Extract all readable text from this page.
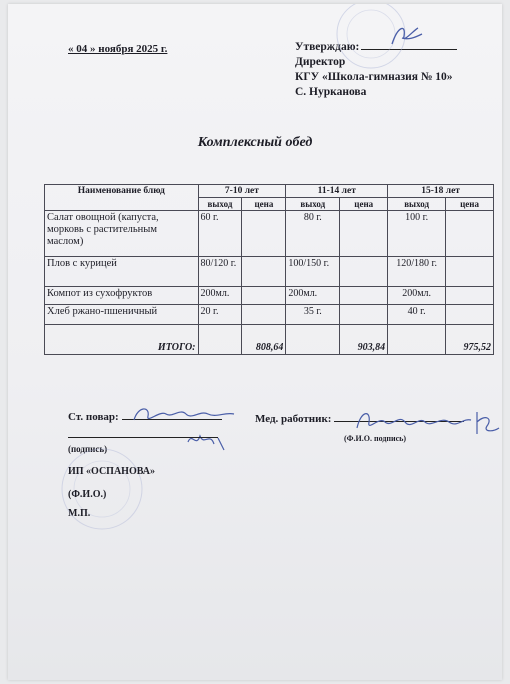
« 04 » ноября 2025 г.	Утверждаю:
Директор
КГУ «Школа-гимназия № 10»
С. Нурканова
Комплексный обед
Наименование блюд	7-10 лет		11-14 лет		15-18 лет	
	выход	цена	выход	цена	выход	цена
Салат овощной (капуста, морковь с растительным маслом)	60 г.		80 г.		100 г.	
Плов с курицей	80/120 г.		100/150 г.		120/180 г.	
Компот из сухофруктов	200мл.		200мл.		200мл.	
Хлеб ржано-пшеничный	20 г.		35 г.		40 г.	
ИТОГО:		808,64		903,84		975,52
Ст. повар:
(подпись)
Мед. работник:
(Ф.И.О. подпись)
ИП «ОСПАНОВА»
(Ф.И.О.)
М.П.
